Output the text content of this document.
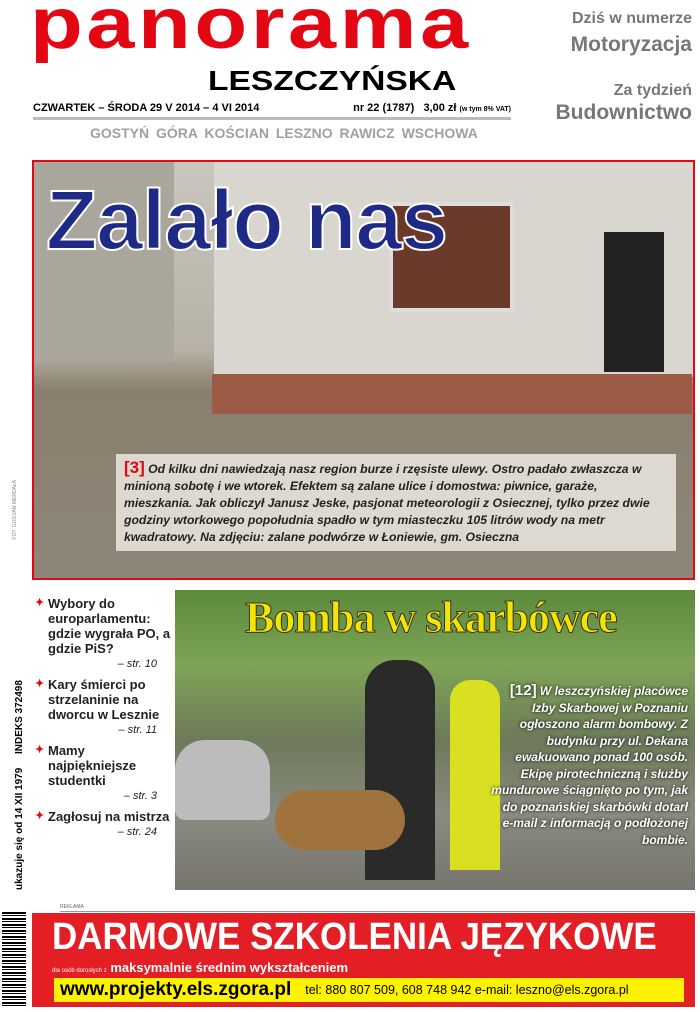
panorama
LESZCZYŃSKA
CZWARTEK – ŚRODA 29 V 2014 – 4 VI 2014	nr 22 (1787) 3,00 zł (w tym 8% VAT)
GOSTYŃ GÓRA KOŚCIAN LESZNO RAWICZ WSCHOWA
Dziś w numerze
Motoryzacja
Za tydzień
Budownictwo
Zalało nas
[3] Od kilku dni nawiedzają nasz region burze i rzęsiste ulewy. Ostro padało zwłaszcza w minioną sobotę i we wtorek. Efektem są zalane ulice i domostwa: piwnice, garaże, mieszkania. Jak obliczył Janusz Jeske, pasjonat meteorologii z Osiecznej, tylko przez dwie godziny wtorkowego popołudnia spadło w tym miasteczku 105 litrów wody na metr kwadratowy. Na zdjęciu: zalane podwórze w Łoniewie, gm. Osieczna
FOT. GUS/JAN MERDALA
ukazuje się od 14 XII 1979
INDEKS 372498
✦ Wybory do europarlamentu: gdzie wygrała PO, a gdzie PiS?
– str. 10
✦ Kary śmierci po strzelaninie na dworcu w Lesznie
– str. 11
✦ Mamy najpiękniejsze studentki
– str. 3
✦ Zagłosuj na mistrza
– str. 24
Bomba w skarbówce
[12] W leszczyńskiej placówce Izby Skarbowej w Poznaniu ogłoszono alarm bombowy. Z budynku przy ul. Dekana ewakuowano ponad 100 osób. Ekipę pirotechniczną i służby mundurowe ściągnięto po tym, jak do poznańskiej skarbówki dotarł e-mail z informacją o podłożonej bombie.
REKLAMA
DARMOWE SZKOLENIA JĘZYKOWE
dla osób dorosłych z maksymalnie średnim wykształceniem
www.projekty.els.zgora.pl tel: 880 807 509, 608 748 942 e-mail: leszno@els.zgora.pl
